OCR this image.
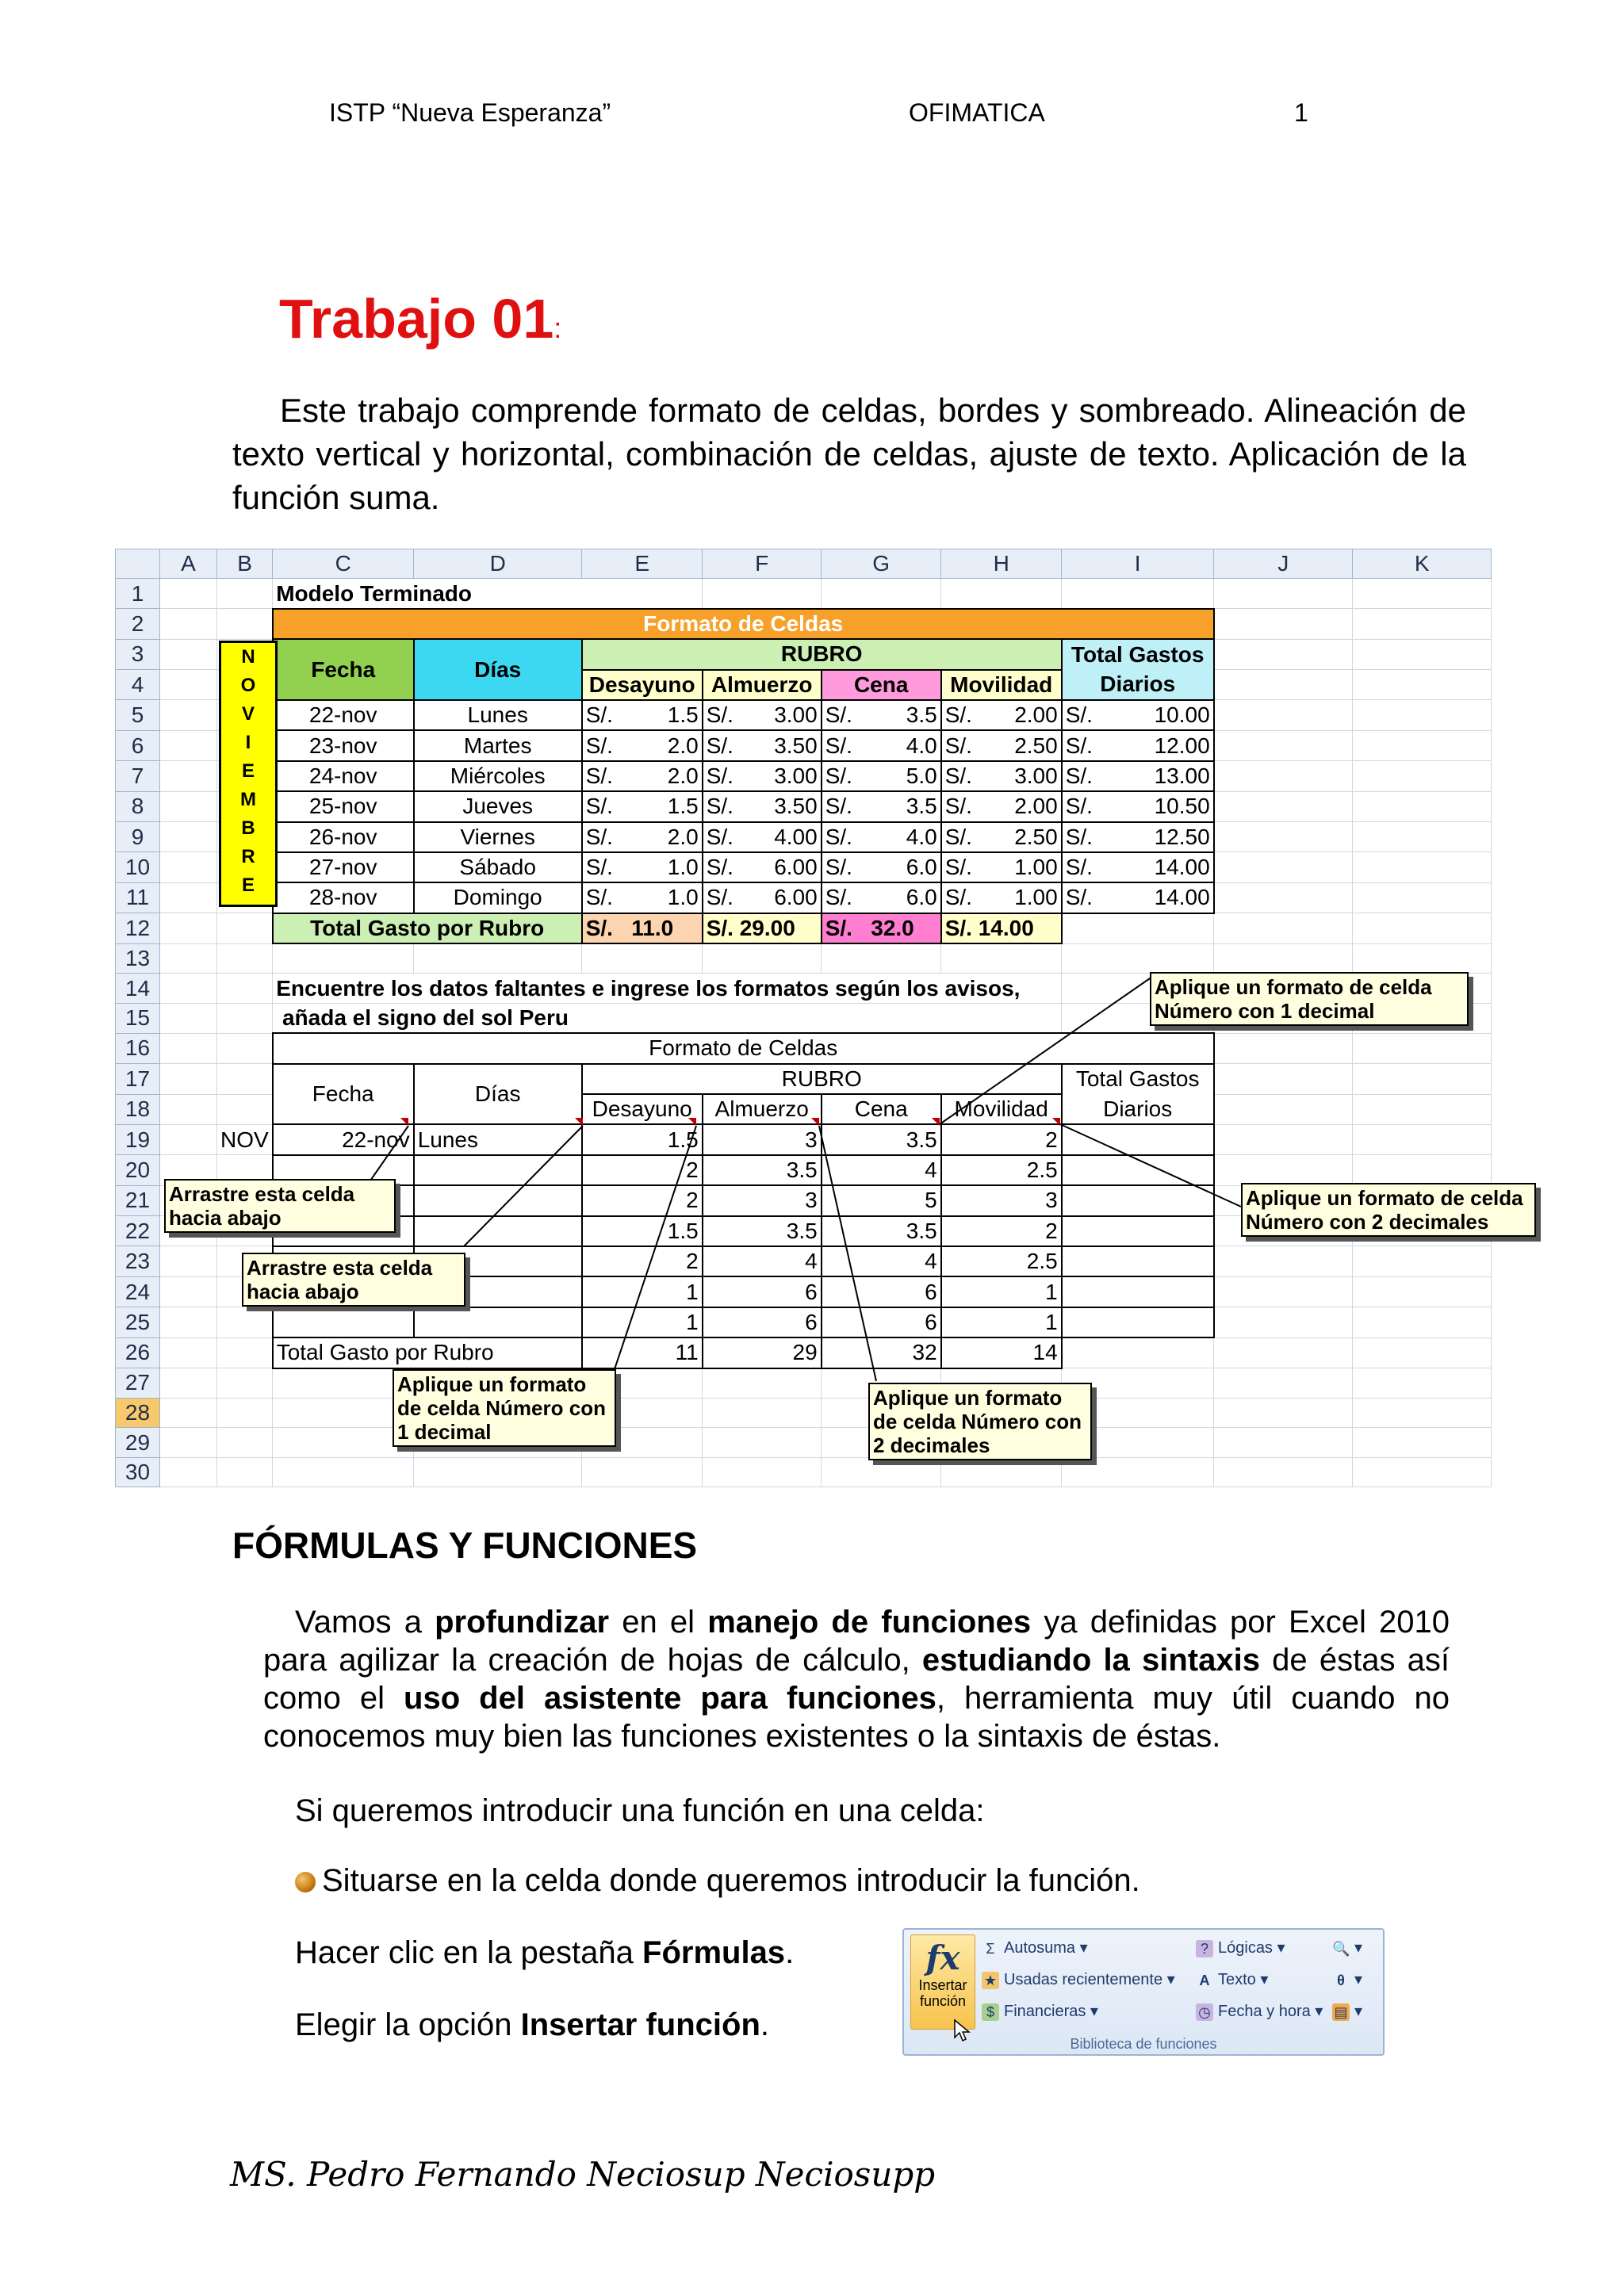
ISTP “Nueva Esperanza”	OFIMATICA	1
Trabajo 01:
Este trabajo comprende formato de celdas, bordes y sombreado. Alineación de texto vertical y horizontal, combinación de celdas, ajuste de texto. Aplicación de la función suma.
	A	B	C	D	E	F	G	H	I	J	K
1			Modelo Terminado								
2			Formato de Celdas								
3			Fecha	Días	RUBRO				Total Gastos		
4					Desayuno	Almuerzo	Cena	Movilidad	Diarios		
5			22-nov	Lunes	S/. 1.5	S/. 3.00	S/. 3.5	S/. 2.00	S/. 10.00		

6			23-nov	Martes	S/. 2.0	S/. 3.50	S/. 4.0	S/. 2.50	S/. 12.00		

7			24-nov	Miércoles	S/. 2.0	S/. 3.00	S/. 5.0	S/. 3.00	S/. 13.00		

8			25-nov	Jueves	S/. 1.5	S/. 3.50	S/. 3.5	S/. 2.00	S/. 10.50		

9			26-nov	Viernes	S/. 2.0	S/. 4.00	S/. 4.0	S/. 2.50	S/. 12.50		

10			27-nov	Sábado	S/. 1.0	S/. 6.00	S/. 6.0	S/. 1.00	S/. 14.00		

11			28-nov	Domingo	S/. 1.0	S/. 6.00	S/. 6.0	S/. 1.00	S/. 14.00		

12			Total Gasto por Rubro		S/.   11.0	S/. 29.00	S/.   32.0	S/. 14.00			
13											
14			Encuentre los datos faltantes e ingrese los formatos según los avisos,								
15			añada el signo del sol Peru								
16			Formato de Celdas								
17			Fecha	Días	RUBRO				Total Gastos		
18					Desayuno	Almuerzo	Cena	Movilidad	Diarios		
19		NOV	22-nov	Lunes	1.5	3	3.5	2			
20					2	3.5	4	2.5			
21					2	3	5	3			
22					1.5	3.5	3.5	2			
23					2	4	4	2.5			
24					1	6	6	1			
25					1	6	6	1			
26			Total Gasto por Rubro		11	29	32	14			
27											
28											
29											
30											
N
O
V
I
E
M
B
R
E
Aplique un formato de celda
Número con 1 decimal
Aplique un formato de celda
Número con 2 decimales
Arrastre esta celda
hacia abajo
Arrastre esta celda
hacia abajo
Aplique un formato
de celda Número con
1 decimal
Aplique un formato
de celda Número con
2 decimales
FÓRMULAS Y FUNCIONES
Vamos a profundizar en el manejo de funciones ya definidas por Excel 2010 para agilizar la creación de hojas de cálculo, estudiando la sintaxis de éstas así como el uso del asistente para funciones, herramienta muy útil cuando no conocemos muy bien las funciones existentes o la sintaxis de éstas.
Si queremos introducir una función en una celda:
Situarse en la celda donde queremos introducir la función.
Hacer clic en la pestaña Fórmulas.
Elegir la opción Insertar función.
fx
Insertar
función
Σ Autosuma ▾
★ Usadas recientemente ▾
$ Financieras ▾
? Lógicas ▾
A Texto ▾
◷ Fecha y hora ▾
🔍 ▾
θ ▾
▤ ▾
Biblioteca de funciones
MS. Pedro Fernando Neciosup Neciosupp
